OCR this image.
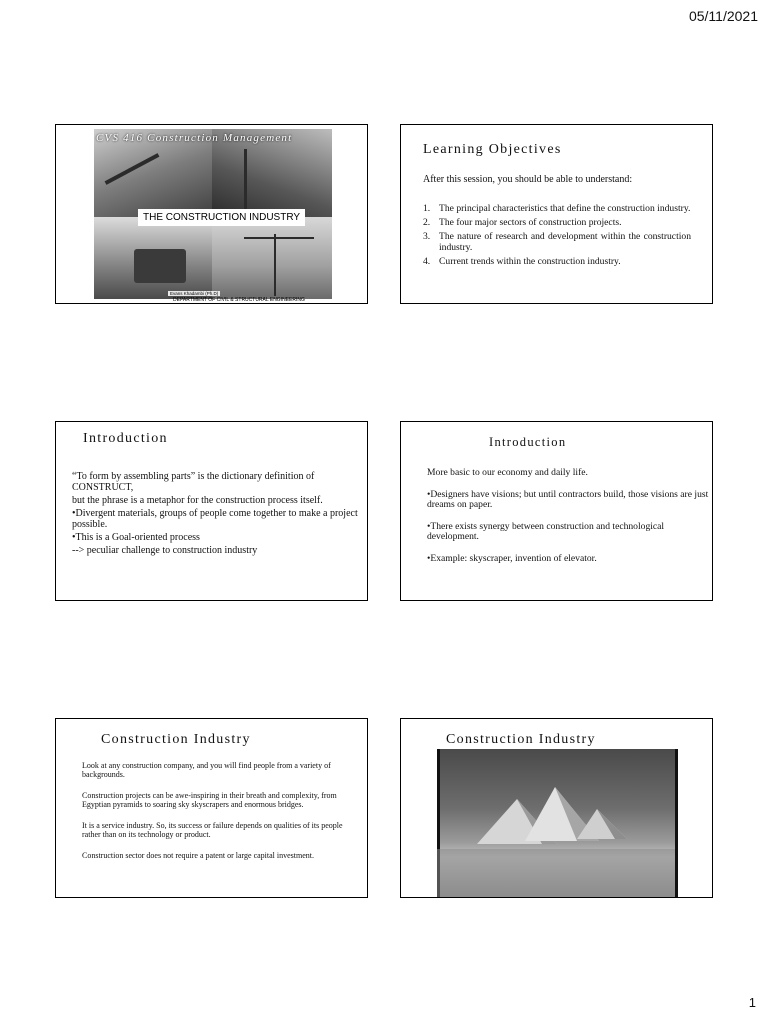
05/11/2021
CVS 416 Construction Management
THE CONSTRUCTION INDUSTRY
Evans Khadambi (Ph.D)
DEPARTMENT OF CIVIL & STRUCTURAL ENGINEERING
Learning Objectives
After this session, you should be able to understand:
1. The principal characteristics that define the construction industry.
2. The four major sectors of construction projects.
3. The nature of research and development within the construction industry.
4. Current trends within the construction industry.
Introduction

“To form by assembling parts” is the dictionary definition of CONSTRUCT,

but the phrase is a metaphor for the construction process itself.

•Divergent materials, groups of people come together to make a project possible.

•This is a Goal-oriented process

--> peculiar challenge to construction industry

Introduction

More basic to our economy and daily life.

•Designers have visions; but until contractors build, those visions are just dreams on paper.

•There exists synergy between construction and technological development.

•Example: skyscraper, invention of elevator.

Construction Industry

Look at any construction company, and you will find people from a variety of backgrounds.

Construction projects can be awe-inspiring in their breath and complexity, from Egyptian pyramids to soaring sky skyscrapers and enormous bridges.

It is a service industry. So, its success or failure depends on qualities of its people rather than on its technology or product.

Construction sector does not require a patent or large capital investment.

Construction Industry
1
